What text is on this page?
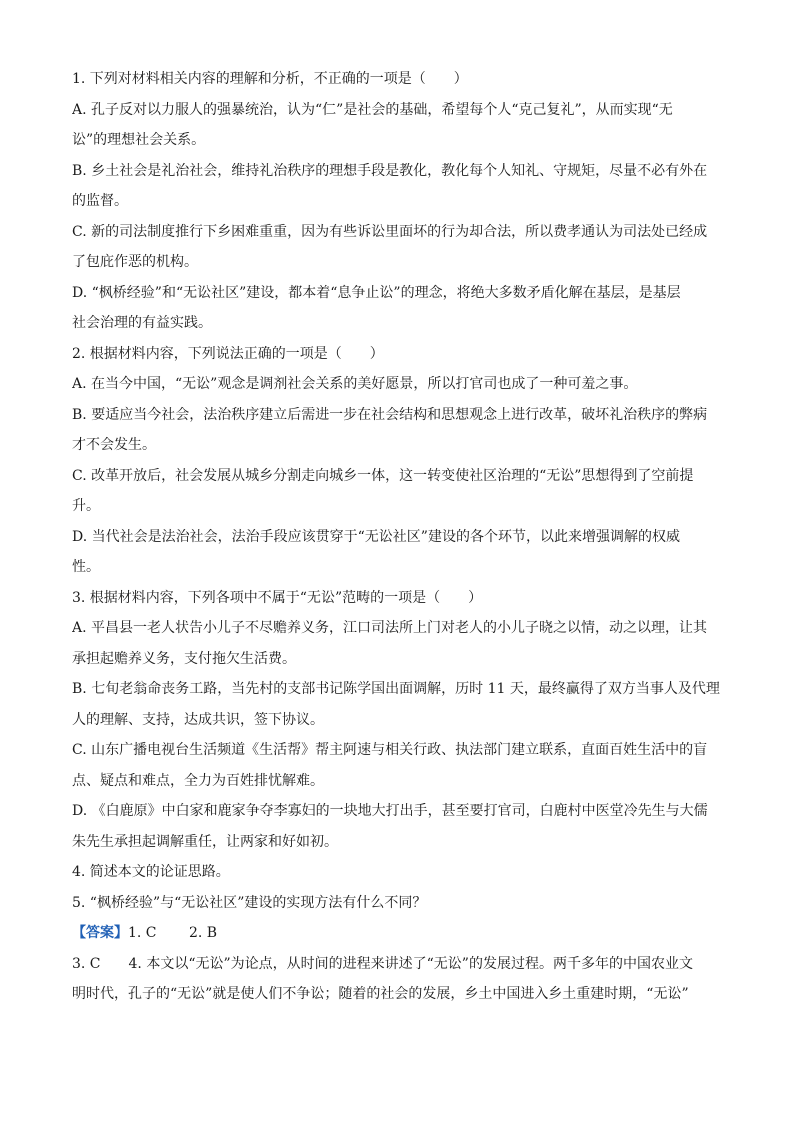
1. 下列对材料相关内容的理解和分析，不正确的一项是（　　）

A. 孔子反对以力服人的强暴统治，认为“仁”是社会的基础，希望每个人“克己复礼”，从而实现“无

讼”的理想社会关系。

B. 乡土社会是礼治社会，维持礼治秩序的理想手段是教化，教化每个人知礼、守规矩，尽量不必有外在

的监督。

C. 新的司法制度推行下乡困难重重，因为有些诉讼里面坏的行为却合法，所以费孝通认为司法处已经成

了包庇作恶的机构。

D. “枫桥经验”和“无讼社区”建设，都本着“息争止讼”的理念，将绝大多数矛盾化解在基层，是基层

社会治理的有益实践。

2. 根据材料内容，下列说法正确的一项是（　　）

A. 在当今中国，“无讼”观念是调剂社会关系的美好愿景，所以打官司也成了一种可羞之事。

B. 要适应当今社会，法治秩序建立后需进一步在社会结构和思想观念上进行改革，破坏礼治秩序的弊病

才不会发生。

C. 改革开放后，社会发展从城乡分割走向城乡一体，这一转变使社区治理的“无讼”思想得到了空前提

升。

D. 当代社会是法治社会，法治手段应该贯穿于“无讼社区”建设的各个环节，以此来增强调解的权威

性。

3. 根据材料内容，下列各项中不属于“无讼”范畴的一项是（　　）

A. 平昌县一老人状告小儿子不尽赡养义务，江口司法所上门对老人的小儿子晓之以情，动之以理，让其

承担起赡养义务，支付拖欠生活费。

B. 七旬老翁命丧务工路，当先村的支部书记陈学国出面调解，历时 11 天，最终赢得了双方当事人及代理

人的理解、支持，达成共识，签下协议。

C. 山东广播电视台生活频道《生活帮》帮主阿速与相关行政、执法部门建立联系，直面百姓生活中的盲

点、疑点和难点，全力为百姓排忧解难。

D. 《白鹿原》中白家和鹿家争夺李寡妇的一块地大打出手，甚至要打官司，白鹿村中医堂冷先生与大儒

朱先生承担起调解重任，让两家和好如初。

4. 简述本文的论证思路。

5. “枫桥经验”与“无讼社区”建设的实现方法有什么不同？

【答案】1. C　　 2. B

3. C　　4. 本文以“无讼”为论点，从时间的进程来讲述了“无讼”的发展过程。两千多年的中国农业文

明时代，孔子的“无讼”就是使人们不争讼；随着的社会的发展，乡土中国进入乡土重建时期，“无讼”
